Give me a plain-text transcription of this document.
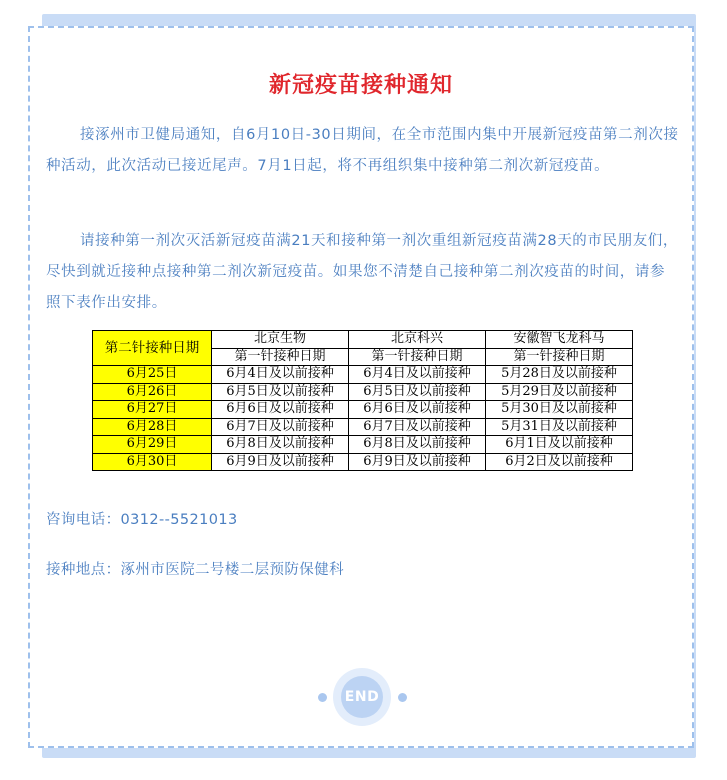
新冠疫苗接种通知

接涿州市卫健局通知，自6月10日-30日期间，在全市范围内集中开展新冠疫苗第二剂次接种活动，此次活动已接近尾声。7月1日起，将不再组织集中接种第二剂次新冠疫苗。

请接种第一剂次灭活新冠疫苗满21天和接种第一剂次重组新冠疫苗满28天的市民朋友们，尽快到就近接种点接种第二剂次新冠疫苗。如果您不清楚自己接种第二剂次疫苗的时间，请参照下表作出安排。

第二针接种日期	北京生物	北京科兴	安徽智飞龙科马
	第一针接种日期	第一针接种日期	第一针接种日期
6月25日	6月4日及以前接种	6月4日及以前接种	5月28日及以前接种
6月26日	6月5日及以前接种	6月5日及以前接种	5月29日及以前接种
6月27日	6月6日及以前接种	6月6日及以前接种	5月30日及以前接种
6月28日	6月7日及以前接种	6月7日及以前接种	5月31日及以前接种
6月29日	6月8日及以前接种	6月8日及以前接种	6月1日及以前接种
6月30日	6月9日及以前接种	6月9日及以前接种	6月2日及以前接种

咨询电话：0312--5521013

接种地点：涿州市医院二号楼二层预防保健科

END
